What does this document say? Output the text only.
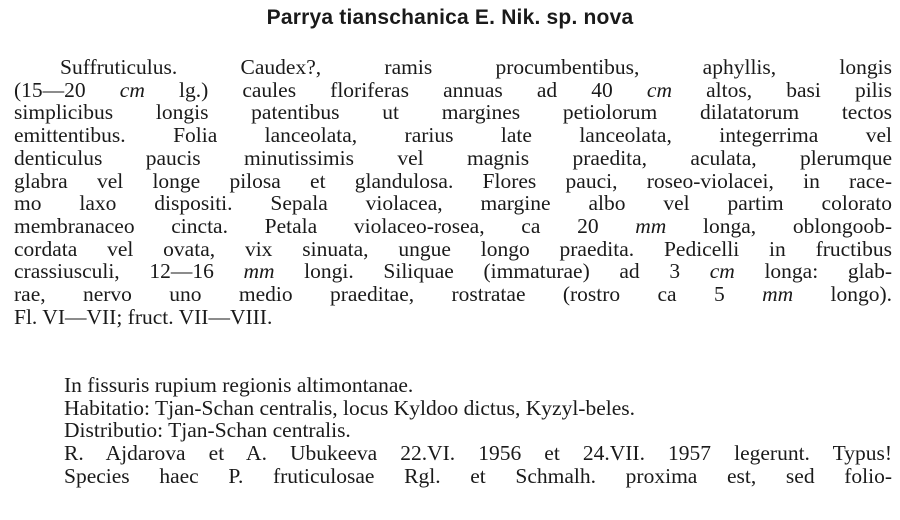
Parrya tianschanica E. Nik. sp. nova
Suffruticulus. Caudex?, ramis procumbentibus, aphyllis, longis
(15—20 cm lg.) caules floriferas annuas ad 40 cm altos, basi pilis
simplicibus longis patentibus ut margines petiolorum dilatatorum tectos
emittentibus. Folia lanceolata, rarius late lanceolata, integerrima vel
denticulus paucis minutissimis vel magnis praedita, aculata, plerumque
glabra vel longe pilosa et glandulosa. Flores pauci, roseo-violacei, in race-
mo laxo dispositi. Sepala violacea, margine albo vel partim colorato
membranaceo cincta. Petala violaceo-rosea, ca 20 mm longa, oblongoob-
cordata vel ovata, vix sinuata, ungue longo praedita. Pedicelli in fructibus
crassiusculi, 12—16 mm longi. Siliquae (immaturae) ad 3 cm longa: glab-
rae, nervo uno medio praeditae, rostratae (rostro ca 5 mm longo).
Fl. VI—VII; fruct. VII—VIII.
In fissuris rupium regionis altimontanae.
Habitatio: Tjan-Schan centralis, locus Kyldoo dictus, Kyzyl-beles.
Distributio: Tjan-Schan centralis.
R. Ajdarova et A. Ubukeeva 22.VI. 1956 et 24.VII. 1957 legerunt. Typus!
Species haec P. fruticulosae Rgl. et Schmalh. proxima est, sed folio-
